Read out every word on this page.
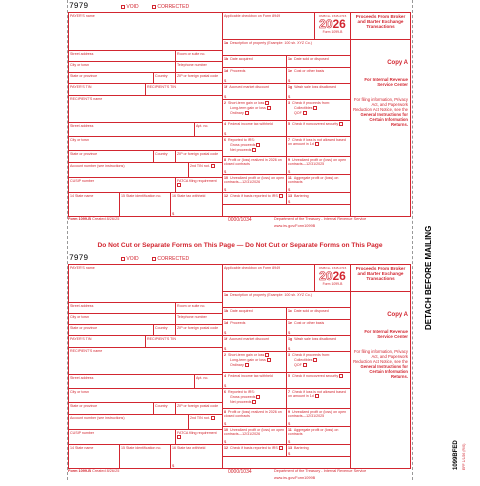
7979	VOID	CORRECTED
PAYER'S name
Street address	Room or suite no.
City or town	Telephone number
State or province	Country	ZIP or foreign postal code
PAYER'S TIN	RECIPIENT'S TIN
RECIPIENT'S name
Street address	Apt. no.
City or town
State or province	Country	ZIP or foreign postal code
Account number (see instructions)	2nd TIN not.
CUSIP number	FATCA filing requirement
14 State name	15 State identification no.	16 State tax withheld
$
Applicable checkbox on Form 8949	OMB No. 1545-0715
2026
Form 1099-B
1a Description of property (Example: 100 sh. XYZ Co.)
1b Date acquired	1c Date sold or disposed
1d Proceeds
$
1e Cost or other basis
$
1f Accrued market discount
$
1g Wash sale loss disallowed
$
2 Short-term gain or loss
Long-term gain or loss
Ordinary
3 Check if proceeds from:
Collectibles
QOF
4 Federal income tax withheld
$
5 Check if noncovered security
6 Reported to IRS:
Gross proceeds
Net proceeds
7 Check if loss is not allowed based on amount in 1d
8 Profit or (loss) realized in 2026 on closed contracts
$
9 Unrealized profit or (loss) on open contracts—12/31/2025
$
10 Unrealized profit or (loss) on open contracts—12/31/2026
$
11 Aggregate profit or (loss) on contracts
$
12 Check if basis reported to IRS	13 Bartering
$
Proceeds From Broker and Barter Exchange Transactions
Copy A
For Internal Revenue Service Center
For filing information, Privacy Act, and Paperwork Reduction Act Notice, see the
General Instructions for Certain Information Returns.
Form 1099-B Created 8/26/25	0000/1034	Department of the Treasury - Internal Revenue Service
www.irs.gov/Form1099B
Do Not Cut or Separate Forms on This Page — Do Not Cut or Separate Forms on This Page
7979	VOID	CORRECTED
PAYER'S name
Street address	Room or suite no.
City or town	Telephone number
State or province	Country	ZIP or foreign postal code
PAYER'S TIN	RECIPIENT'S TIN
RECIPIENT'S name
Street address	Apt. no.
City or town
State or province	Country	ZIP or foreign postal code
Account number (see instructions)	2nd TIN not.
CUSIP number	FATCA filing requirement
14 State name	15 State identification no.	16 State tax withheld
$
Applicable checkbox on Form 8949	OMB No. 1545-0715
2026
Form 1099-B
1a Description of property (Example: 100 sh. XYZ Co.)
1b Date acquired	1c Date sold or disposed
1d Proceeds
$
1e Cost or other basis
$
1f Accrued market discount
$
1g Wash sale loss disallowed
$
2 Short-term gain or loss
Long-term gain or loss
Ordinary
3 Check if proceeds from:
Collectibles
QOF
4 Federal income tax withheld
$
5 Check if noncovered security
6 Reported to IRS:
Gross proceeds
Net proceeds
7 Check if loss is not allowed based on amount in 1d
8 Profit or (loss) realized in 2026 on closed contracts
$
9 Unrealized profit or (loss) on open contracts—12/31/2025
$
10 Unrealized profit or (loss) on open contracts—12/31/2026
$
11 Aggregate profit or (loss) on contracts
$
12 Check if basis reported to IRS	13 Bartering
$
Proceeds From Broker and Barter Exchange Transactions
Copy A
For Internal Revenue Service Center
For filing information, Privacy Act, and Paperwork Reduction Act Notice, see the
General Instructions for Certain Information Returns.
Form 1099-B Created 8/26/25	0000/1034	Department of the Treasury - Internal Revenue Service
www.irs.gov/Form1099B
DETACH BEFORE MAILING
1099BFED EFF 1/1/26 (R/S)
